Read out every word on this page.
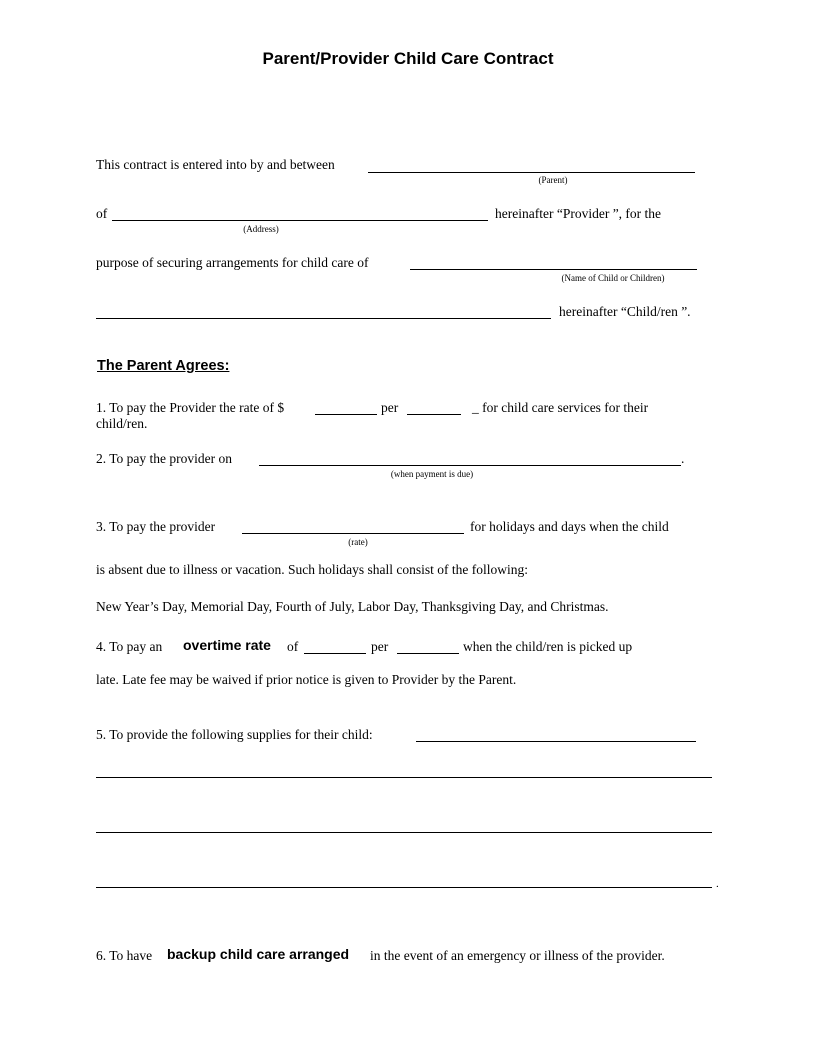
Parent/Provider Child Care Contract
This contract is entered into by and between
(Parent)
of	hereinafter “Provider ”, for the
(Address)
purpose of securing arrangements for child care of
(Name of Child or Children)
hereinafter “Child/ren ”.
The Parent Agrees:
1. To pay the Provider the rate of $	per	_ for child care services for their
child/ren.
2. To pay the provider on	.
(when payment is due)
3. To pay the provider	for holidays and days when the child
(rate)
is absent due to illness or vacation. Such holidays shall consist of the following:
New Year’s Day, Memorial Day, Fourth of July, Labor Day, Thanksgiving Day, and Christmas.
4. To pay an overtime rate of	per	when the child/ren is picked up
late. Late fee may be waived if prior notice is given to Provider by the Parent.
5. To provide the following supplies for their child:
.
6. To have backup child care arranged in the event of an emergency or illness of the provider.
